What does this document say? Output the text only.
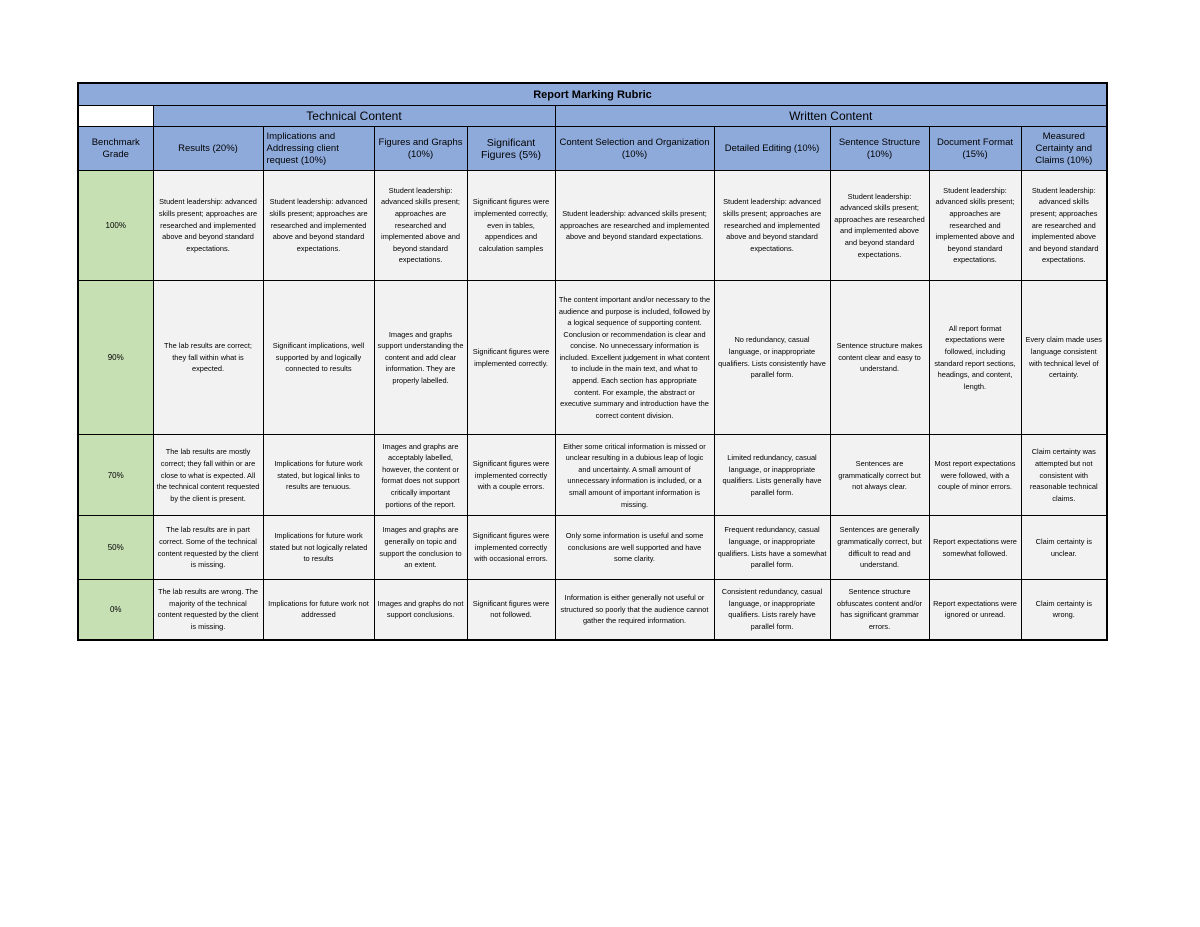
Report Marking Rubric									
	Technical Content				Written Content				
Benchmark Grade	Results (20%)	Implications and Addressing client request (10%)	Figures and Graphs (10%)	Significant Figures (5%)	Content Selection and Organization (10%)	Detailed Editing (10%)	Sentence Structure (10%)	Document Format (15%)	Measured Certainty and Claims (10%)
100%	Student leadership: advanced skills present; approaches are researched and implemented above and beyond standard expectations.	Student leadership: advanced skills present; approaches are researched and implemented above and beyond standard expectations.	Student leadership: advanced skills present; approaches are researched and implemented above and beyond standard expectations.	Significant figures were implemented correctly, even in tables, appendices and calculation samples	Student leadership: advanced skills present; approaches are researched and implemented above and beyond standard expectations.	Student leadership: advanced skills present; approaches are researched and implemented above and beyond standard expectations.	Student leadership: advanced skills present; approaches are researched and implemented above and beyond standard expectations.	Student leadership: advanced skills present; approaches are researched and implemented above and beyond standard expectations.	Student leadership: advanced skills present; approaches are researched and implemented above and beyond standard expectations.
90%	The lab results are correct; they fall within what is expected.	Significant implications, well supported by and logically connected to results	Images and graphs support understanding the content and add clear information. They are properly labelled.	Significant figures were implemented correctly.	The content important and/or necessary to the audience and purpose is included, followed by a logical sequence of supporting content. Conclusion or recommendation is clear and concise. No unnecessary information is included. Excellent judgement in what content to include in the main text, and what to append. Each section has appropriate content. For example, the abstract or executive summary and introduction have the correct content division.	No redundancy, casual language, or inappropriate qualifiers. Lists consistently have parallel form.	Sentence structure makes content clear and easy to understand.	All report format expectations were followed, including standard report sections, headings, and content, length.	Every claim made uses language consistent with technical level of certainty.
70%	The lab results are mostly correct; they fall within or are close to what is expected. All the technical content requested by the client is present.	Implications for future work stated, but logical links to results are tenuous.	Images and graphs are acceptably labelled, however, the content or format does not support critically important portions of the report.	Significant figures were implemented correctly with a couple errors.	Either some critical information is missed or unclear resulting in a dubious leap of logic and uncertainty. A small amount of unnecessary information is included, or a small amount of important information is missing.	Limited redundancy, casual language, or inappropriate qualifiers. Lists generally have parallel form.	Sentences are grammatically correct but not always clear.	Most report expectations were followed, with a couple of minor errors.	Claim certainty was attempted but not consistent with reasonable technical claims.
50%	The lab results are in part correct. Some of the technical content requested by the client is missing.	Implications for future work stated but not logically related to results	Images and graphs are generally on topic and support the conclusion to an extent.	Significant figures were implemented correctly with occasional errors.	Only some information is useful and some conclusions are well supported and have some clarity.	Frequent redundancy, casual language, or inappropriate qualifiers. Lists have a somewhat parallel form.	Sentences are generally grammatically correct, but difficult to read and understand.	Report expectations were somewhat followed.	Claim certainty is unclear.
0%	The lab results are wrong. The majority of the technical content requested by the client is missing.	Implications for future work not addressed	Images and graphs do not support conclusions.	Significant figures were not followed.	Information is either generally not useful or structured so poorly that the audience cannot gather the required information.	Consistent redundancy, casual language, or inappropriate qualifiers. Lists rarely have parallel form.	Sentence structure obfuscates content and/or has significant grammar errors.	Report expectations were ignored or unread.	Claim certainty is wrong.
